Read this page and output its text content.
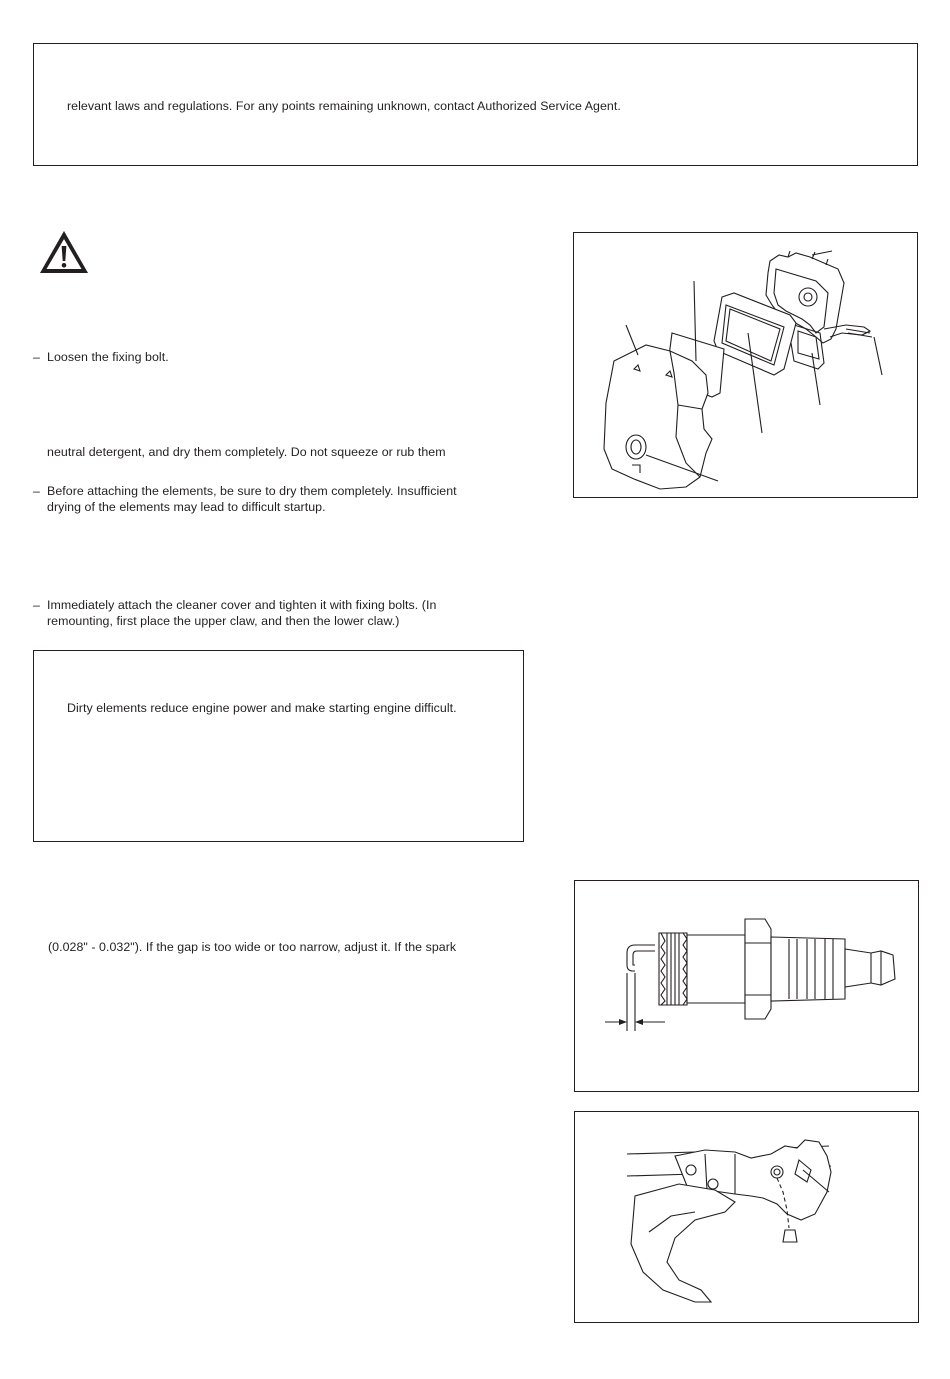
relevant laws and regulations. For any points remaining unknown, contact Authorized Service Agent.
– Loosen the fixing bolt.
neutral detergent, and dry them completely. Do not squeeze or rub them
– Before attaching the elements, be sure to dry them completely. Insufficient
drying of the elements may lead to difficult startup.
– Immediately attach the cleaner cover and tighten it with fixing bolts. (In
remounting, first place the upper claw, and then the lower claw.)
Dirty elements reduce engine power and make starting engine difficult.
(0.028" - 0.032"). If the gap is too wide or too narrow, adjust it. If the spark
